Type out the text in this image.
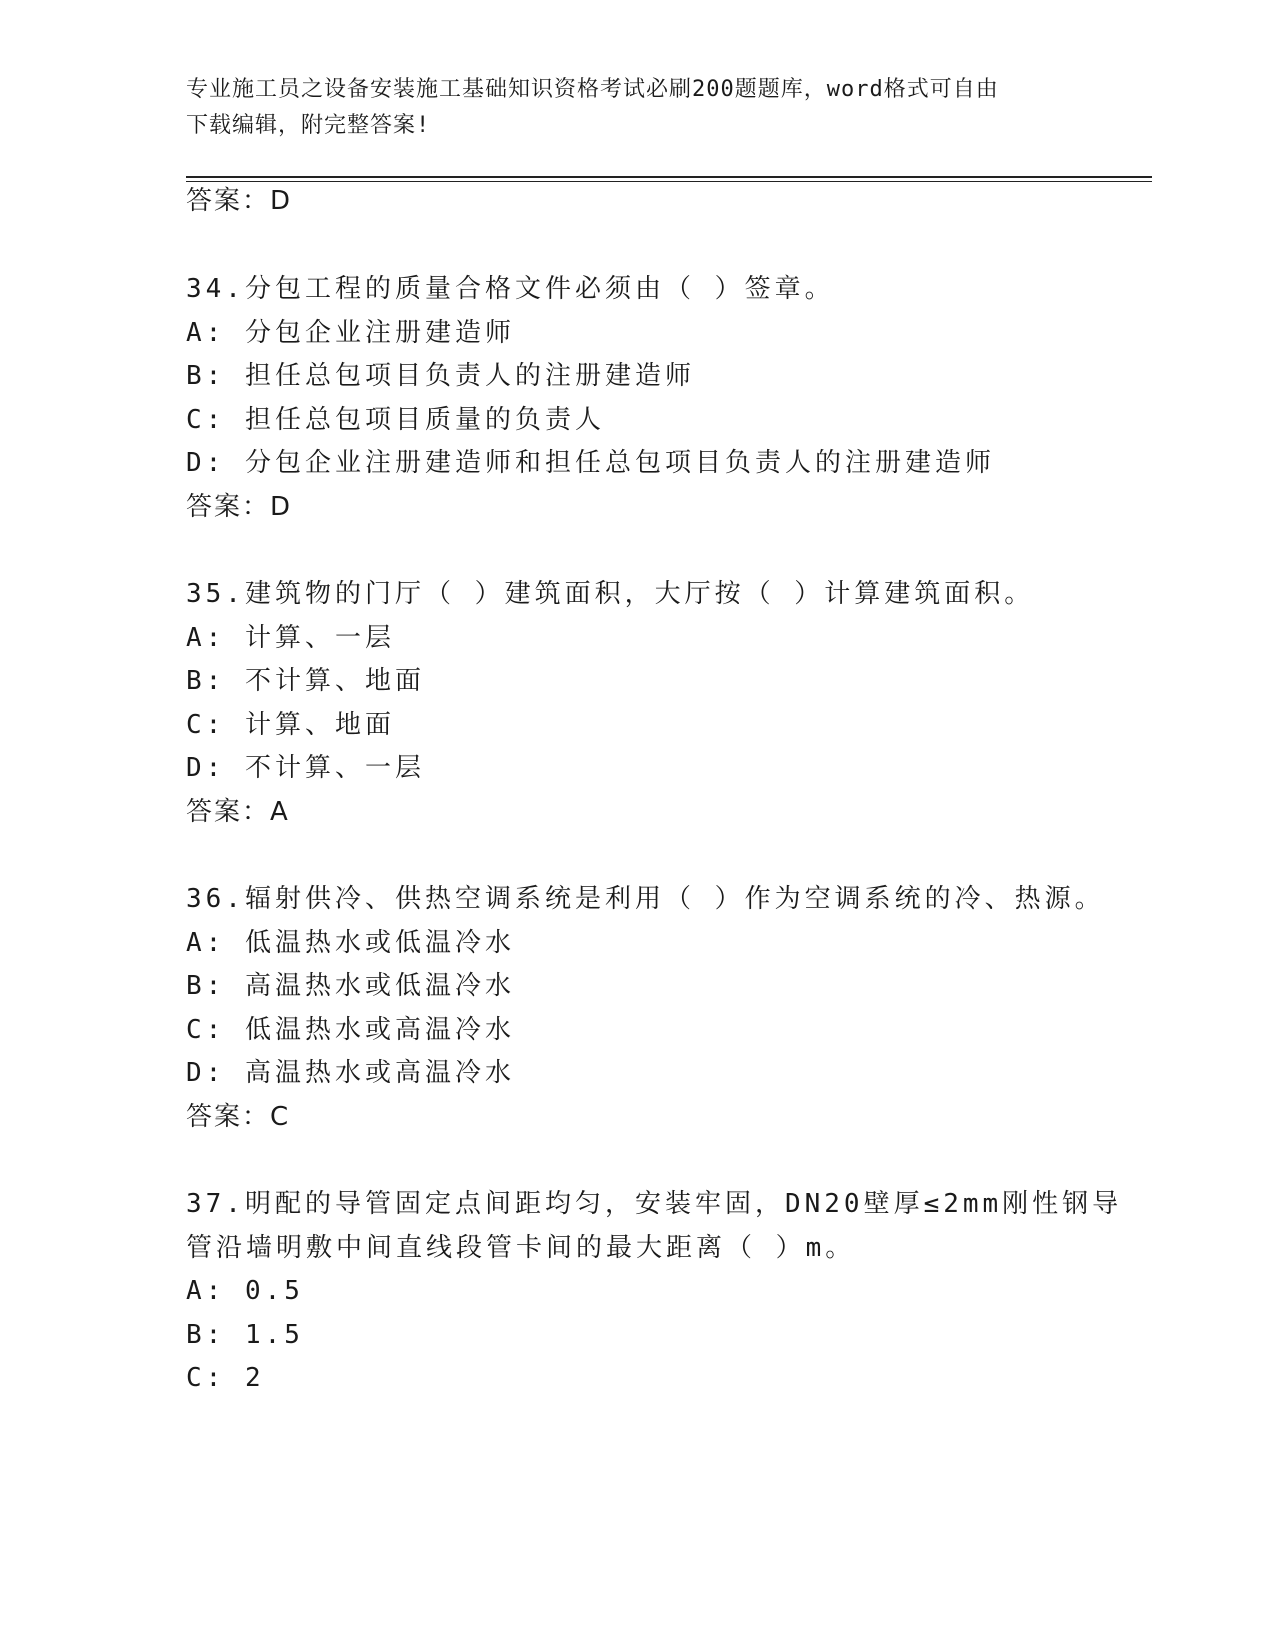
专业施工员之设备安装施工基础知识资格考试必刷200题题库，word格式可自由
下载编辑，附完整答案!
答案：D
34.分包工程的质量合格文件必须由（ ）签章。
A: 分包企业注册建造师
B: 担任总包项目负责人的注册建造师
C: 担任总包项目质量的负责人
D: 分包企业注册建造师和担任总包项目负责人的注册建造师
答案：D
35.建筑物的门厅（ ）建筑面积，大厅按（ ）计算建筑面积。
A: 计算、一层
B: 不计算、地面
C: 计算、地面
D: 不计算、一层
答案：A
36.辐射供冷、供热空调系统是利用（ ）作为空调系统的冷、热源。
A: 低温热水或低温冷水
B: 高温热水或低温冷水
C: 低温热水或高温冷水
D: 高温热水或高温冷水
答案：C
37.明配的导管固定点间距均匀，安装牢固，DN20壁厚≤2mm刚性钢导
管沿墙明敷中间直线段管卡间的最大距离（ ）m。
A: 0.5
B: 1.5
C: 2
